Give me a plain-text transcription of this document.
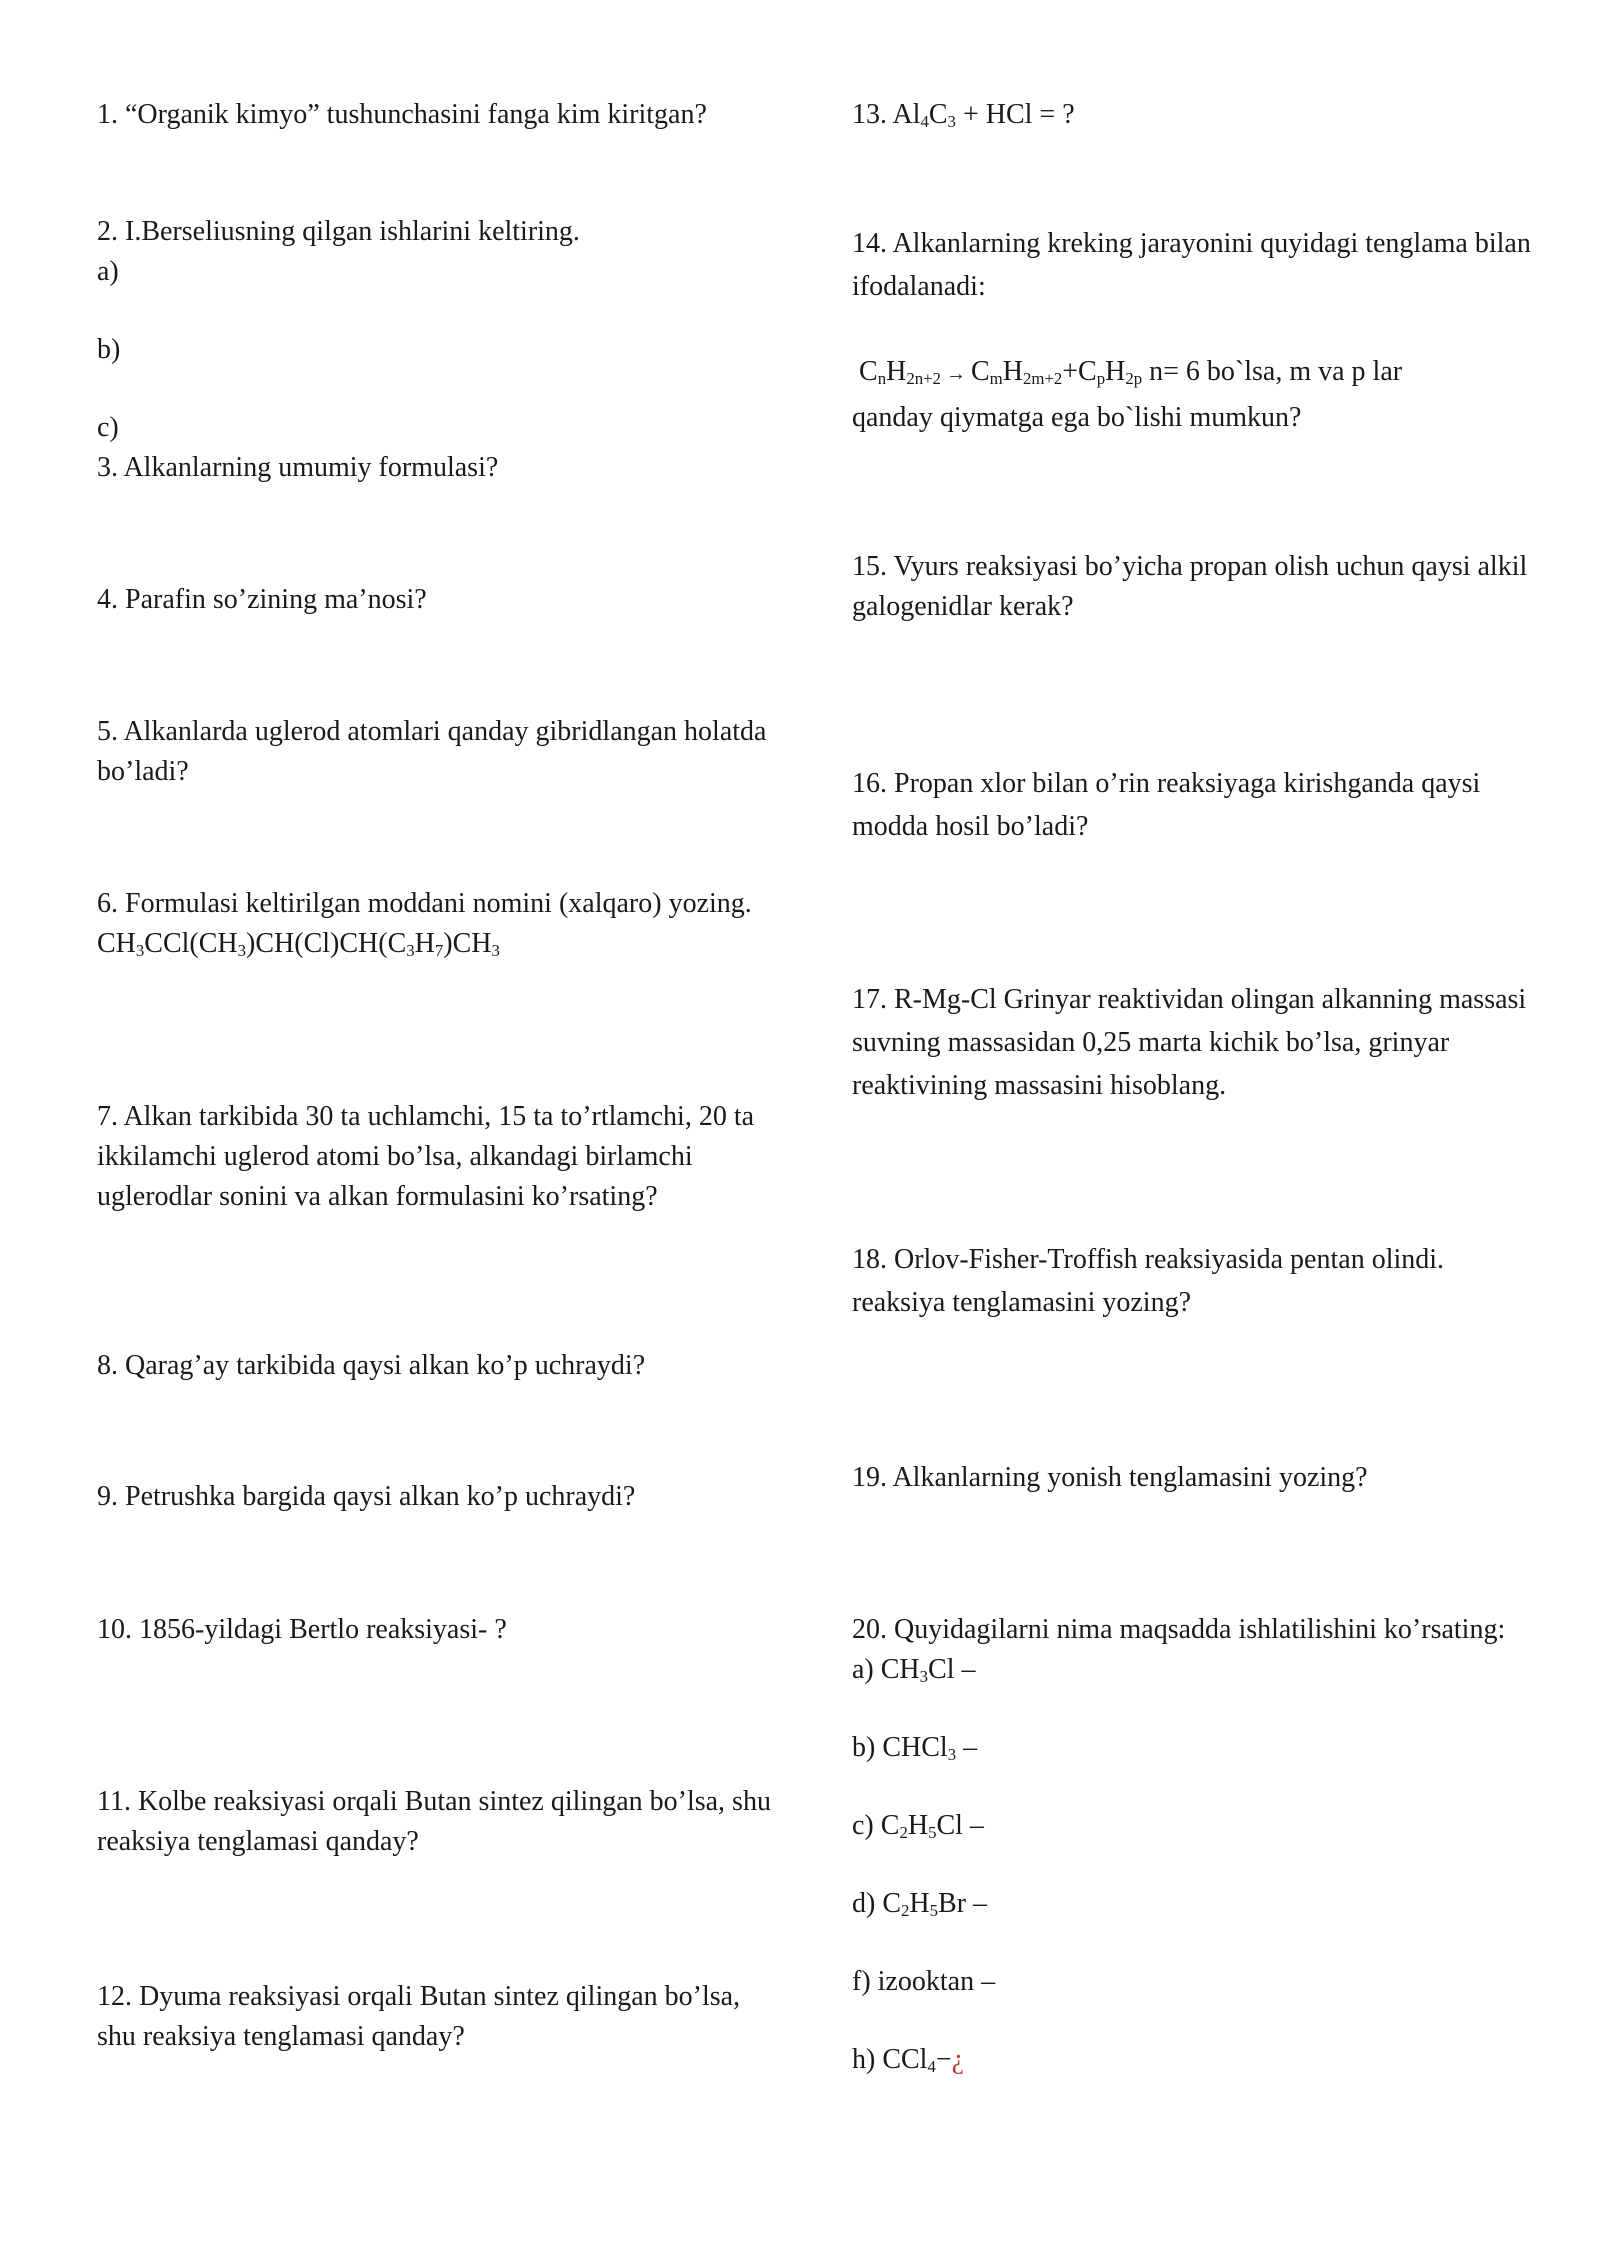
1. “Organik kimyo” tushunchasini fanga kim kiritgan?

2. I.Berseliusning qilgan ishlarini keltiring.
a)
b)
c)
3. Alkanlarning umumiy formulasi?

4. Parafin so’zining ma’nosi?

5. Alkanlarda uglerod atomlari qanday gibridlangan holatda bo’ladi?

6. Formulasi keltirilgan moddani nomini (xalqaro) yozing.
$CH_3CCl(CH_3)CH(Cl)CH(C_3H_7)CH_3$

7. Alkan tarkibida 30 ta uchlamchi, 15 ta to’rtlamchi, 20 ta ikkilamchi uglerod atomi bo’lsa, alkandagi birlamchi uglerodlar sonini va alkan formulasini ko’rsating?

8. Qarag’ay tarkibida qaysi alkan ko’p uchraydi?

9. Petrushka bargida qaysi alkan ko’p uchraydi?

10. 1856-yildagi Bertlo reaksiyasi- ?

11. Kolbe reaksiyasi orqali Butan sintez qilingan bo’lsa, shu reaksiya tenglamasi qanday?

12. Dyuma reaksiyasi orqali Butan sintez qilingan bo’lsa, shu reaksiya tenglamasi qanday?

13. $Al_4C_3$ + HCl = ?

14. Alkanlarning kreking jarayonini quyidagi tenglama bilan ifodalanadi:
$C_nH_{2n+2} \to C_mH_{2m+2}+C_pH_{2p}$ n= 6 bo`lsa, m va p lar
qanday qiymatga ega bo`lishi mumkun?

15. Vyurs reaksiyasi bo’yicha propan olish uchun qaysi alkil galogenidlar kerak?

16. Propan xlor bilan o’rin reaksiyaga kirishganda qaysi modda hosil bo’ladi?

17. R-Mg-Cl Grinyar reaktividan olingan alkanning massasi suvning massasidan 0,25 marta kichik bo’lsa, grinyar reaktivining massasini hisoblang.

18. Orlov-Fisher-Troffish reaksiyasida pentan olindi. reaksiya tenglamasini yozing?

19. Alkanlarning yonish tenglamasini yozing?

20. Quyidagilarni nima maqsadda ishlatilishini ko’rsating:
a) $CH_3Cl$ –
b) CHCl$_3$ –
c) $C_2H_5Cl$ –
d) $C_2H_5Br$ –
f) izooktan –
h) CCl$_4$−¿
